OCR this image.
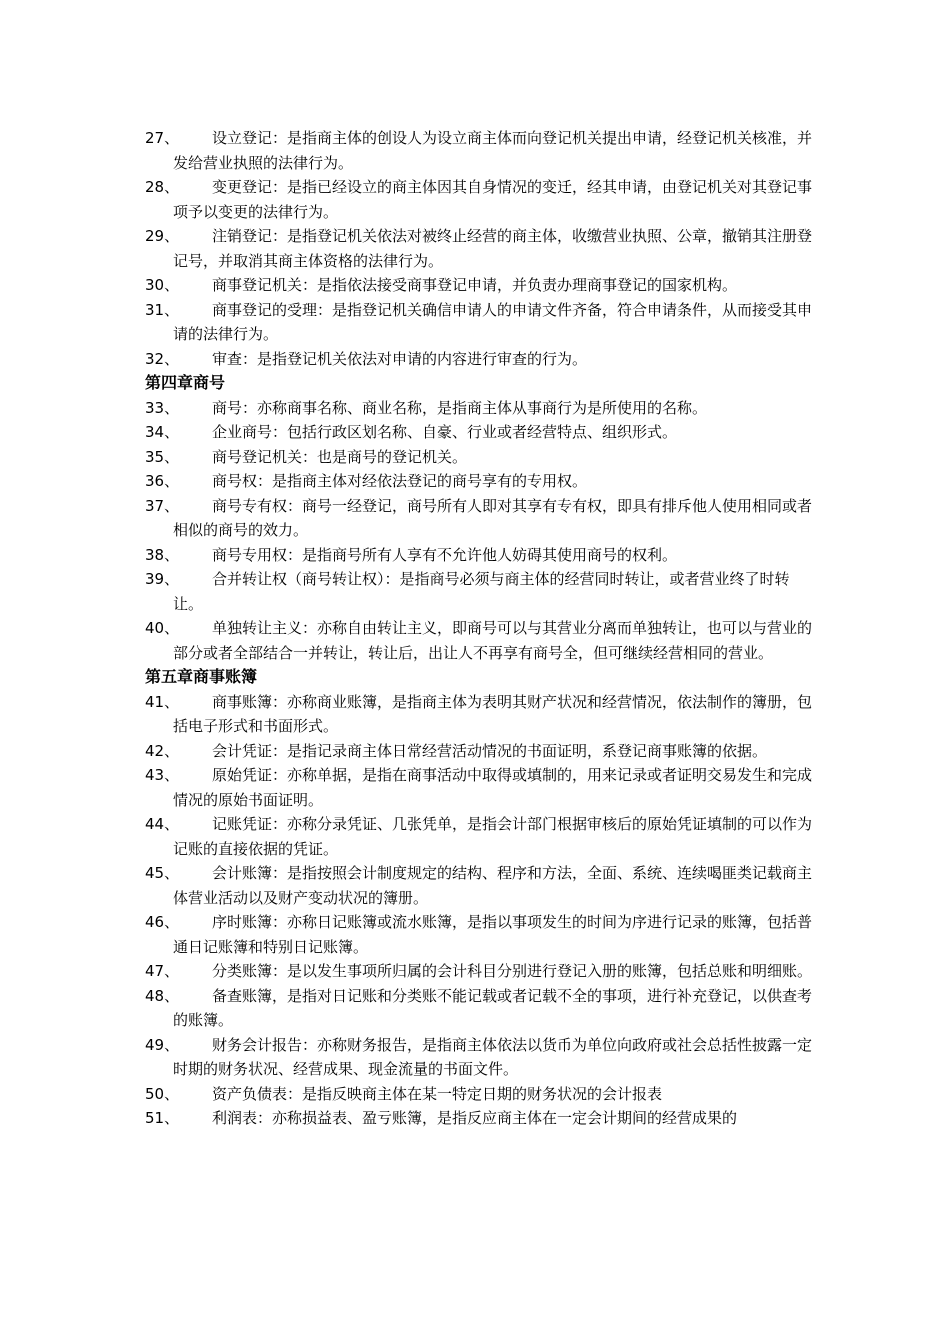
27、	设立登记：是指商主体的创设人为设立商主体而向登记机关提出申请，经登记机关核准，并发给营业执照的法律行为。
28、	变更登记：是指已经设立的商主体因其自身情况的变迁，经其申请，由登记机关对其登记事项予以变更的法律行为。
29、	注销登记：是指登记机关依法对被终止经营的商主体，收缴营业执照、公章，撤销其注册登记号，并取消其商主体资格的法律行为。
30、	商事登记机关：是指依法接受商事登记申请，并负责办理商事登记的国家机构。
31、	商事登记的受理：是指登记机关确信申请人的申请文件齐备，符合申请条件，从而接受其申请的法律行为。
32、	审查：是指登记机关依法对申请的内容进行审查的行为。
第四章商号
33、	商号：亦称商事名称、商业名称，是指商主体从事商行为是所使用的名称。
34、	企业商号：包括行政区划名称、自豪、行业或者经营特点、组织形式。
35、	商号登记机关：也是商号的登记机关。
36、	商号权：是指商主体对经依法登记的商号享有的专用权。
37、	商号专有权：商号一经登记，商号所有人即对其享有专有权，即具有排斥他人使用相同或者相似的商号的效力。
38、	商号专用权：是指商号所有人享有不允许他人妨碍其使用商号的权利。
39、	合并转让权（商号转让权）：是指商号必须与商主体的经营同时转让，或者营业终了时转让。
40、	单独转让主义：亦称自由转让主义，即商号可以与其营业分离而单独转让，也可以与营业的部分或者全部结合一并转让，转让后，出让人不再享有商号全，但可继续经营相同的营业。
第五章商事账簿
41、	商事账簿：亦称商业账簿，是指商主体为表明其财产状况和经营情况，依法制作的簿册，包括电子形式和书面形式。
42、	会计凭证：是指记录商主体日常经营活动情况的书面证明，系登记商事账簿的依据。
43、	原始凭证：亦称单据，是指在商事活动中取得或填制的，用来记录或者证明交易发生和完成情况的原始书面证明。
44、	记账凭证：亦称分录凭证、几张凭单，是指会计部门根据审核后的原始凭证填制的可以作为记账的直接依据的凭证。
45、	会计账簿：是指按照会计制度规定的结构、程序和方法，全面、系统、连续喝匪类记载商主体营业活动以及财产变动状况的簿册。
46、	序时账簿：亦称日记账簿或流水账簿，是指以事项发生的时间为序进行记录的账簿，包括普通日记账簿和特别日记账簿。
47、	分类账簿：是以发生事项所归属的会计科目分别进行登记入册的账簿，包括总账和明细账。
48、	备查账簿，是指对日记账和分类账不能记载或者记载不全的事项，进行补充登记，以供查考的账簿。
49、	财务会计报告：亦称财务报告，是指商主体依法以货币为单位向政府或社会总括性披露一定时期的财务状况、经营成果、现金流量的书面文件。
50、	资产负债表：是指反映商主体在某一特定日期的财务状况的会计报表
51、	利润表：亦称损益表、盈亏账簿，是指反应商主体在一定会计期间的经营成果的
